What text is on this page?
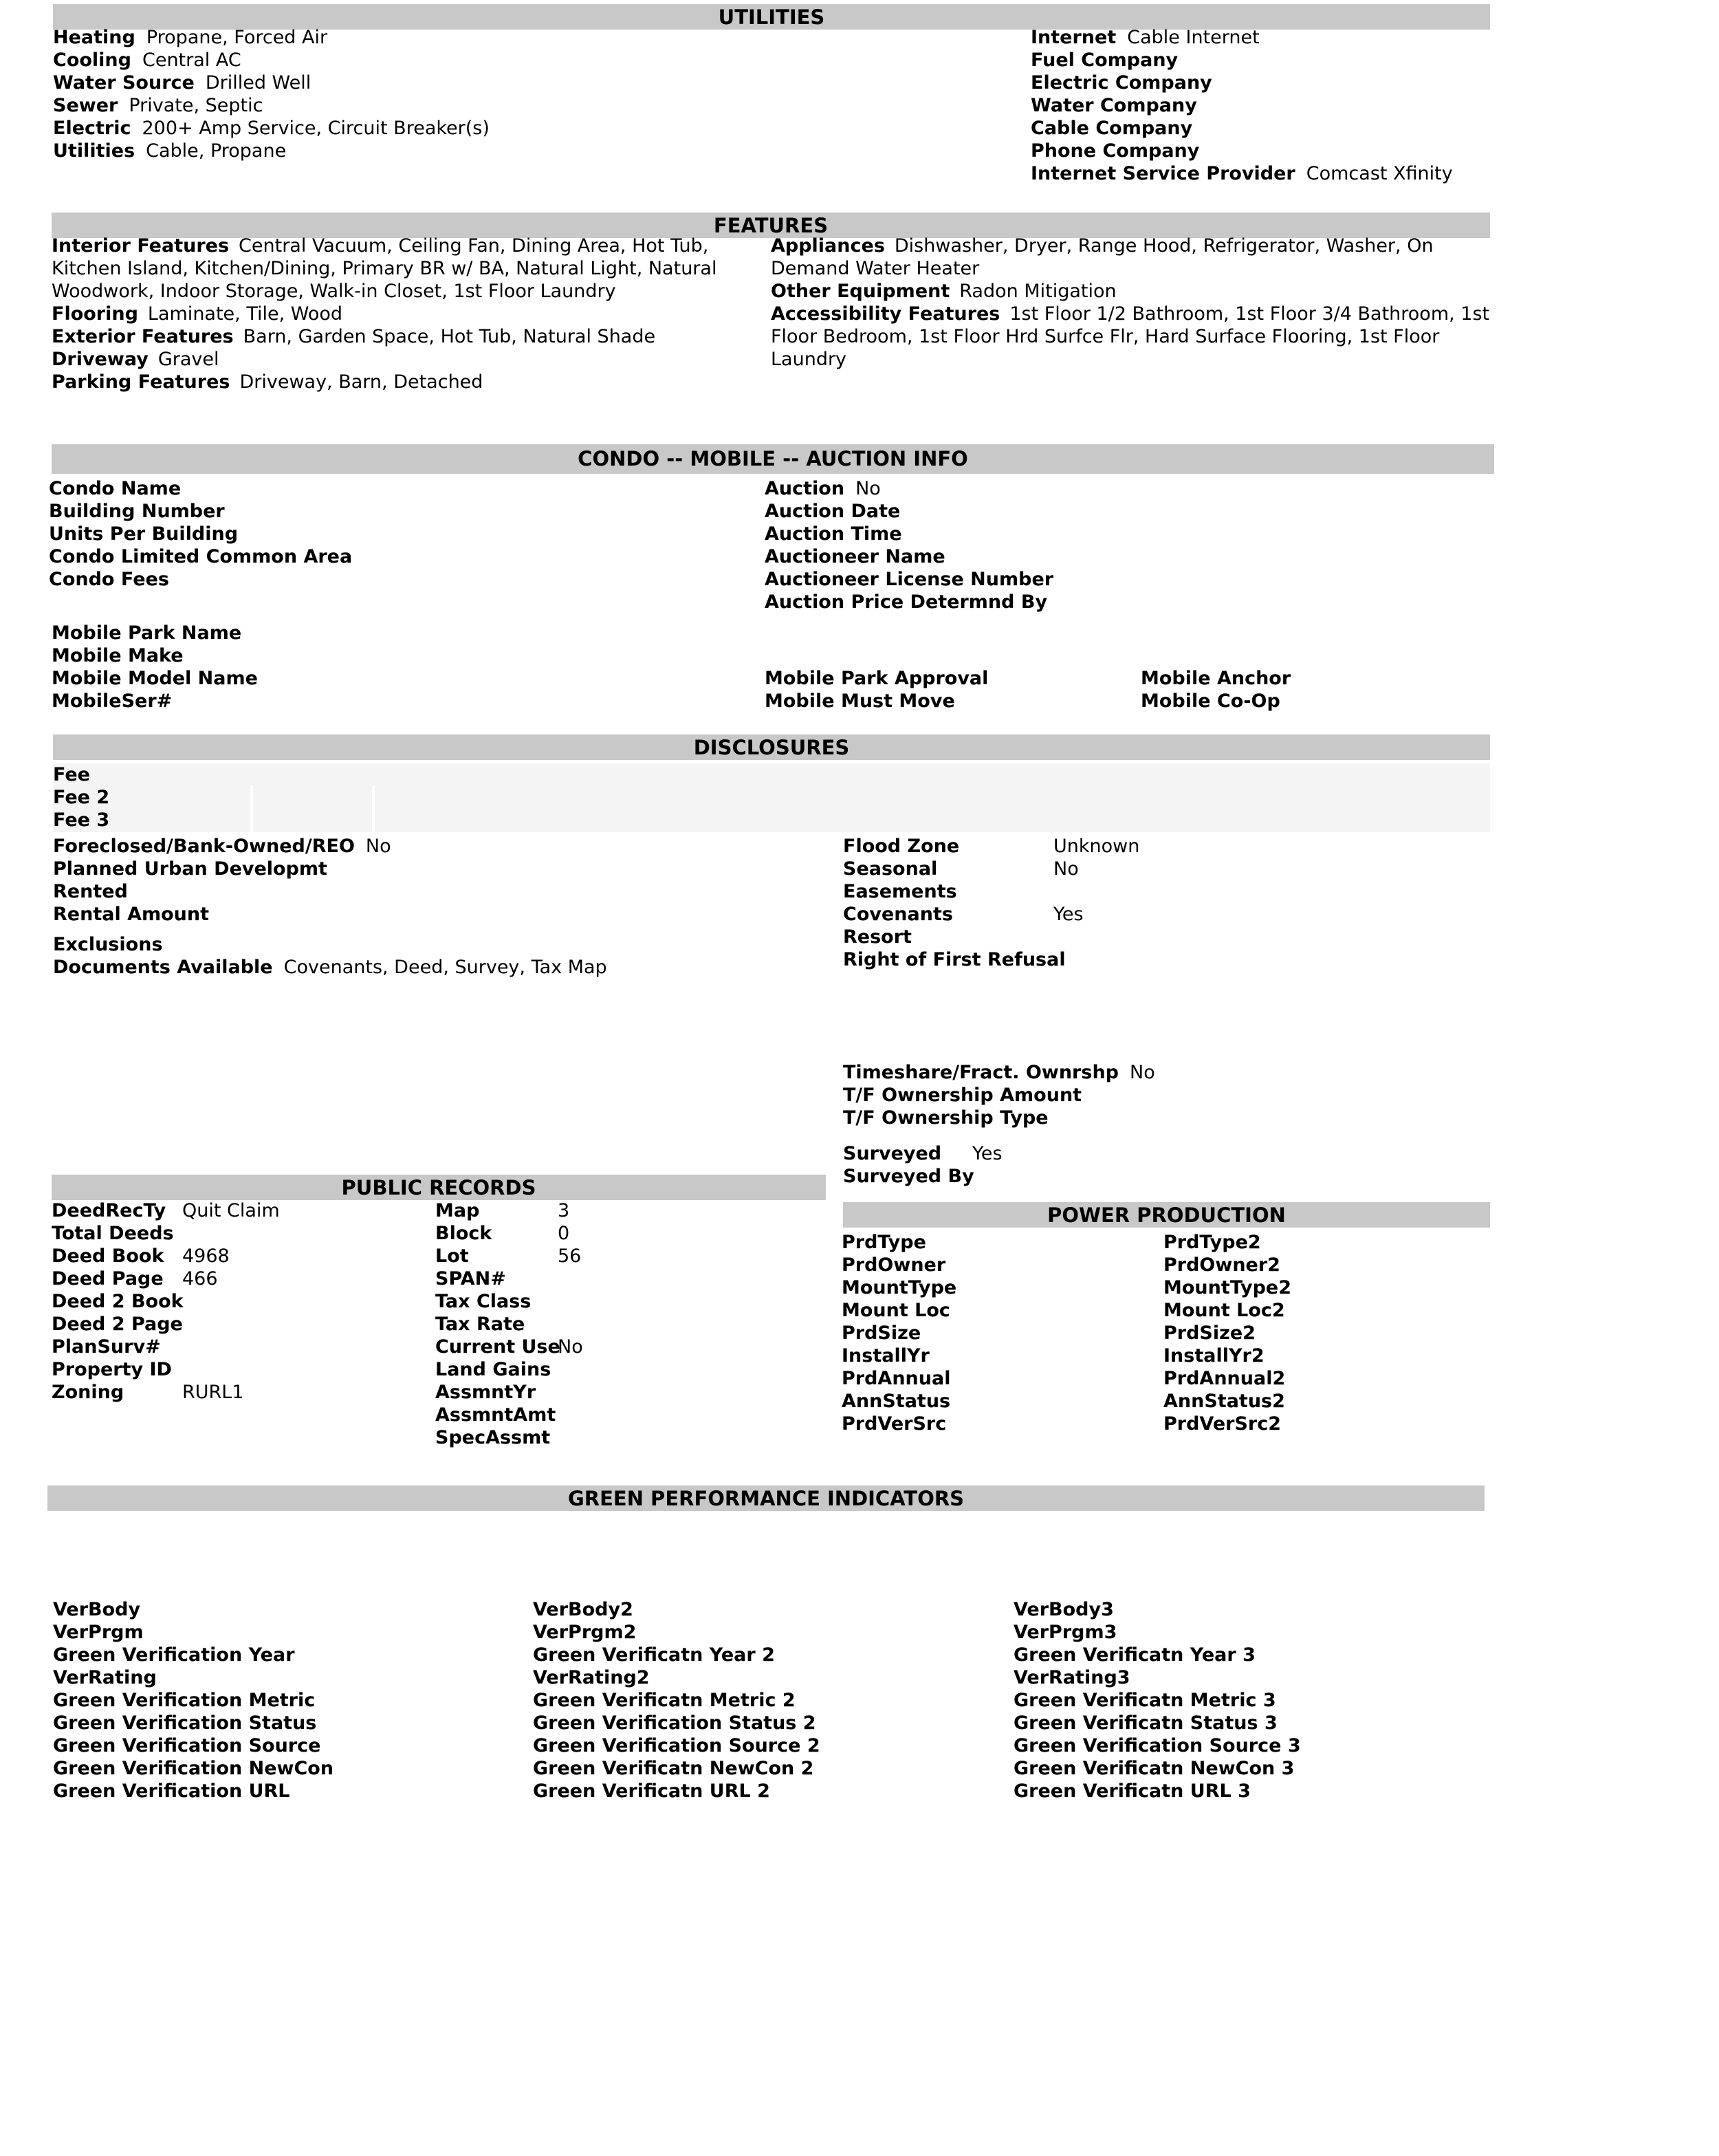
UTILITIES
Heating Propane, Forced Air
Cooling Central AC
Water Source Drilled Well
Sewer Private, Septic
Electric 200+ Amp Service, Circuit Breaker(s)
Utilities Cable, Propane
Internet Cable Internet
Fuel Company
Electric Company
Water Company
Cable Company
Phone Company
Internet Service Provider Comcast Xfinity
FEATURES
Interior Features Central Vacuum, Ceiling Fan, Dining Area, Hot Tub, Kitchen Island, Kitchen/Dining, Primary BR w/ BA, Natural Light, Natural Woodwork, Indoor Storage, Walk-in Closet, 1st Floor Laundry
Flooring Laminate, Tile, Wood
Exterior Features Barn, Garden Space, Hot Tub, Natural Shade
Driveway Gravel
Parking Features Driveway, Barn, Detached
Appliances Dishwasher, Dryer, Range Hood, Refrigerator, Washer, On Demand Water Heater
Other Equipment Radon Mitigation
Accessibility Features 1st Floor 1/2 Bathroom, 1st Floor 3/4 Bathroom, 1st Floor Bedroom, 1st Floor Hrd Surfce Flr, Hard Surface Flooring, 1st Floor Laundry
CONDO -- MOBILE -- AUCTION INFO
Condo Name
Building Number
Units Per Building
Condo Limited Common Area
Condo Fees
Auction No
Auction Date
Auction Time
Auctioneer Name
Auctioneer License Number
Auction Price Determnd By
Mobile Park Name
Mobile Make
Mobile Model Name
MobileSer#
Mobile Park Approval
Mobile Must Move
Mobile Anchor
Mobile Co-Op
DISCLOSURES
Fee
Fee 2
Fee 3
Foreclosed/Bank-Owned/REO No
Planned Urban Developmt
Rented
Rental Amount
Exclusions
Documents Available Covenants, Deed, Survey, Tax Map
Flood Zone
Seasonal
Easements
Covenants
Resort
Right of First Refusal
Unknown
No
Yes
Timeshare/Fract. Ownrshp No
T/F Ownership Amount
T/F Ownership Type
Surveyed Yes
Surveyed By
PUBLIC RECORDS
DeedRecTy
Total Deeds
Deed Book
Deed Page
Deed 2 Book
Deed 2 Page
PlanSurv#
Property ID
Zoning
Quit Claim
4968
466
RURL1
Map
Block
Lot
SPAN#
Tax Class
Tax Rate
Current Use
Land Gains
AssmntYr
AssmntAmt
SpecAssmt
3
0
56
No
POWER PRODUCTION
PrdType
PrdOwner
MountType
Mount Loc
PrdSize
InstallYr
PrdAnnual
AnnStatus
PrdVerSrc
PrdType2
PrdOwner2
MountType2
Mount Loc2
PrdSize2
InstallYr2
PrdAnnual2
AnnStatus2
PrdVerSrc2
GREEN PERFORMANCE INDICATORS
VerBody
VerPrgm
Green Verification Year
VerRating
Green Verification Metric
Green Verification Status
Green Verification Source
Green Verification NewCon
Green Verification URL
VerBody2
VerPrgm2
Green Verificatn Year 2
VerRating2
Green Verificatn Metric 2
Green Verification Status 2
Green Verification Source 2
Green Verificatn NewCon 2
Green Verificatn URL 2
VerBody3
VerPrgm3
Green Verificatn Year 3
VerRating3
Green Verificatn Metric 3
Green Verificatn Status 3
Green Verification Source 3
Green Verificatn NewCon 3
Green Verificatn URL 3
